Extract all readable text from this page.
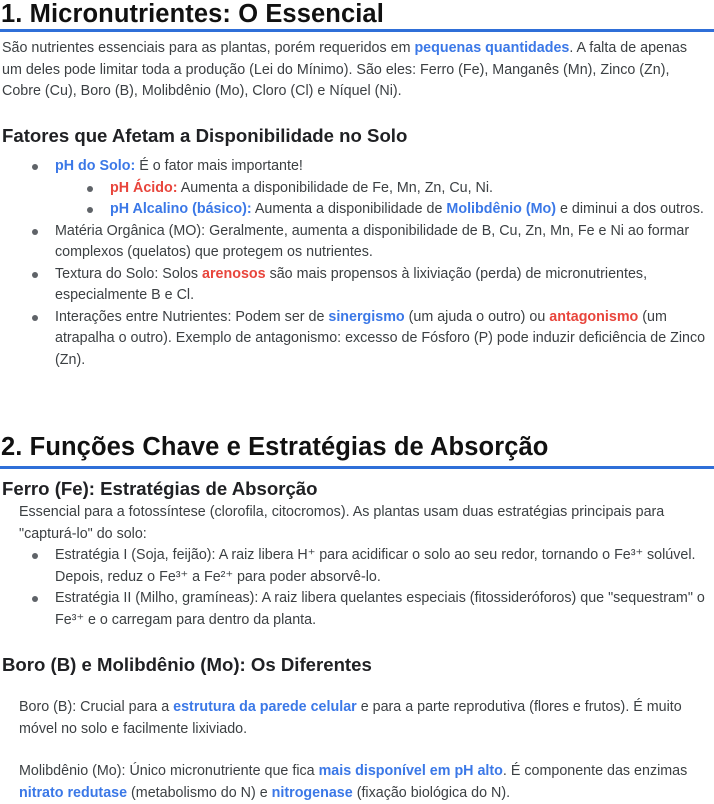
1. Micronutrientes: O Essencial

São nutrientes essenciais para as plantas, porém requeridos em pequenas quantidades. A falta de apenas um deles pode limitar toda a produção (Lei do Mínimo). São eles: Ferro (Fe), Manganês (Mn), Zinco (Zn), Cobre (Cu), Boro (B), Molibdênio (Mo), Cloro (Cl) e Níquel (Ni).

Fatores que Afetam a Disponibilidade no Solo
pH do Solo: É o fator mais importante!
pH Ácido: Aumenta a disponibilidade de Fe, Mn, Zn, Cu, Ni.
pH Alcalino (básico): Aumenta a disponibilidade de Molibdênio (Mo) e diminui a dos outros.
Matéria Orgânica (MO): Geralmente, aumenta a disponibilidade de B, Cu, Zn, Mn, Fe e Ni ao formar complexos (quelatos) que protegem os nutrientes.
Textura do Solo: Solos arenosos são mais propensos à lixiviação (perda) de micronutrientes, especialmente B e Cl.
Interações entre Nutrientes: Podem ser de sinergismo (um ajuda o outro) ou antagonismo (um atrapalha o outro). Exemplo de antagonismo: excesso de Fósforo (P) pode induzir deficiência de Zinco (Zn).
2. Funções Chave e Estratégias de Absorção
Ferro (Fe): Estratégias de Absorção

Essencial para a fotossíntese (clorofila, citocromos). As plantas usam duas estratégias principais para "capturá-lo" do solo:

Estratégia I (Soja, feijão): A raiz libera H⁺ para acidificar o solo ao seu redor, tornando o Fe³⁺ solúvel. Depois, reduz o Fe³⁺ a Fe²⁺ para poder absorvê-lo.
Estratégia II (Milho, gramíneas): A raiz libera quelantes especiais (fitossideróforos) que "sequestram" o Fe³⁺ e o carregam para dentro da planta.
Boro (B) e Molibdênio (Mo): Os Diferentes

Boro (B): Crucial para a estrutura da parede celular e para a parte reprodutiva (flores e frutos). É muito móvel no solo e facilmente lixiviado.

Molibdênio (Mo): Único micronutriente que fica mais disponível em pH alto. É componente das enzimas nitrato redutase (metabolismo do N) e nitrogenase (fixação biológica do N).
